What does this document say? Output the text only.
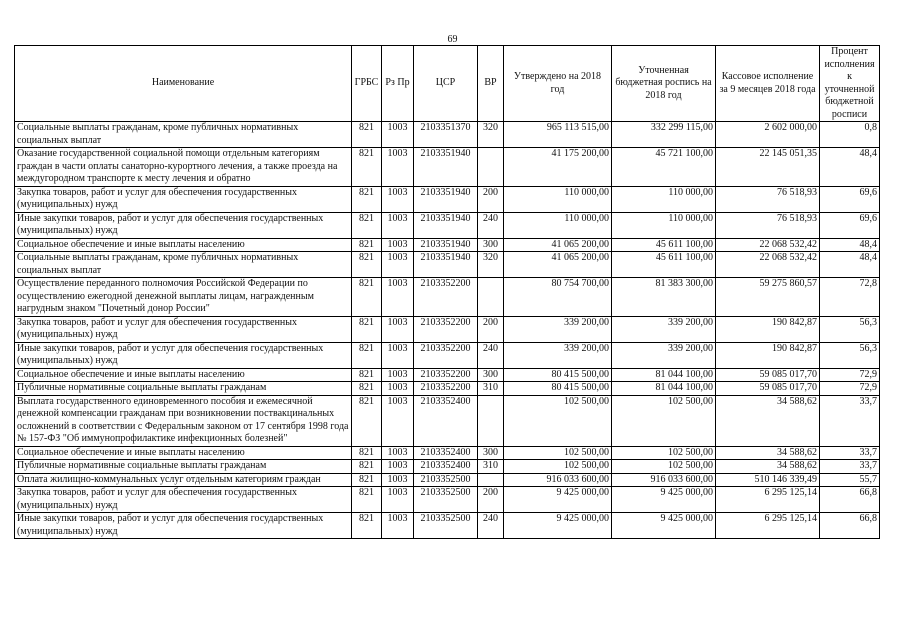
69
Наименование	ГРБС	Рз Пр	ЦСР	ВР	Утверждено на 2018 год	Уточненная бюджетная роспись на 2018 год	Кассовое исполнение за 9 месяцев 2018 года	Процент исполнения к уточненной бюджетной росписи
Социальные выплаты гражданам, кроме публичных нормативных социальных выплат	821	1003	2103351370	320	965 113 515,00	332 299 115,00	2 602 000,00	0,8
Оказание государственной социальной помощи отдельным категориям граждан в части оплаты санаторно-курортного лечения, а также проезда на междугородном транспорте к месту лечения и обратно	821	1003	2103351940		41 175 200,00	45 721 100,00	22 145 051,35	48,4
Закупка товаров, работ и услуг для обеспечения государственных (муниципальных) нужд	821	1003	2103351940	200	110 000,00	110 000,00	76 518,93	69,6
Иные закупки товаров, работ и услуг для обеспечения государственных (муниципальных) нужд	821	1003	2103351940	240	110 000,00	110 000,00	76 518,93	69,6
Социальное обеспечение и иные выплаты населению	821	1003	2103351940	300	41 065 200,00	45 611 100,00	22 068 532,42	48,4
Социальные выплаты гражданам, кроме публичных нормативных социальных выплат	821	1003	2103351940	320	41 065 200,00	45 611 100,00	22 068 532,42	48,4
Осуществление переданного полномочия Российской Федерации по осуществлению ежегодной денежной выплаты лицам, награжденным нагрудным знаком "Почетный донор России"	821	1003	2103352200		80 754 700,00	81 383 300,00	59 275 860,57	72,8
Закупка товаров, работ и услуг для обеспечения государственных (муниципальных) нужд	821	1003	2103352200	200	339 200,00	339 200,00	190 842,87	56,3
Иные закупки товаров, работ и услуг для обеспечения государственных (муниципальных) нужд	821	1003	2103352200	240	339 200,00	339 200,00	190 842,87	56,3
Социальное обеспечение и иные выплаты населению	821	1003	2103352200	300	80 415 500,00	81 044 100,00	59 085 017,70	72,9
Публичные нормативные социальные выплаты гражданам	821	1003	2103352200	310	80 415 500,00	81 044 100,00	59 085 017,70	72,9
Выплата государственного единовременного пособия и ежемесячной денежной компенсации гражданам при возникновении поствакцинальных осложнений в соответствии с Федеральным законом от 17 сентября 1998 года № 157-ФЗ "Об иммунопрофилактике инфекционных болезней"	821	1003	2103352400		102 500,00	102 500,00	34 588,62	33,7
Социальное обеспечение и иные выплаты населению	821	1003	2103352400	300	102 500,00	102 500,00	34 588,62	33,7
Публичные нормативные социальные выплаты гражданам	821	1003	2103352400	310	102 500,00	102 500,00	34 588,62	33,7
Оплата жилищно-коммунальных услуг отдельным категориям граждан	821	1003	2103352500		916 033 600,00	916 033 600,00	510 146 339,49	55,7
Закупка товаров, работ и услуг для обеспечения государственных (муниципальных) нужд	821	1003	2103352500	200	9 425 000,00	9 425 000,00	6 295 125,14	66,8
Иные закупки товаров, работ и услуг для обеспечения государственных (муниципальных) нужд	821	1003	2103352500	240	9 425 000,00	9 425 000,00	6 295 125,14	66,8
